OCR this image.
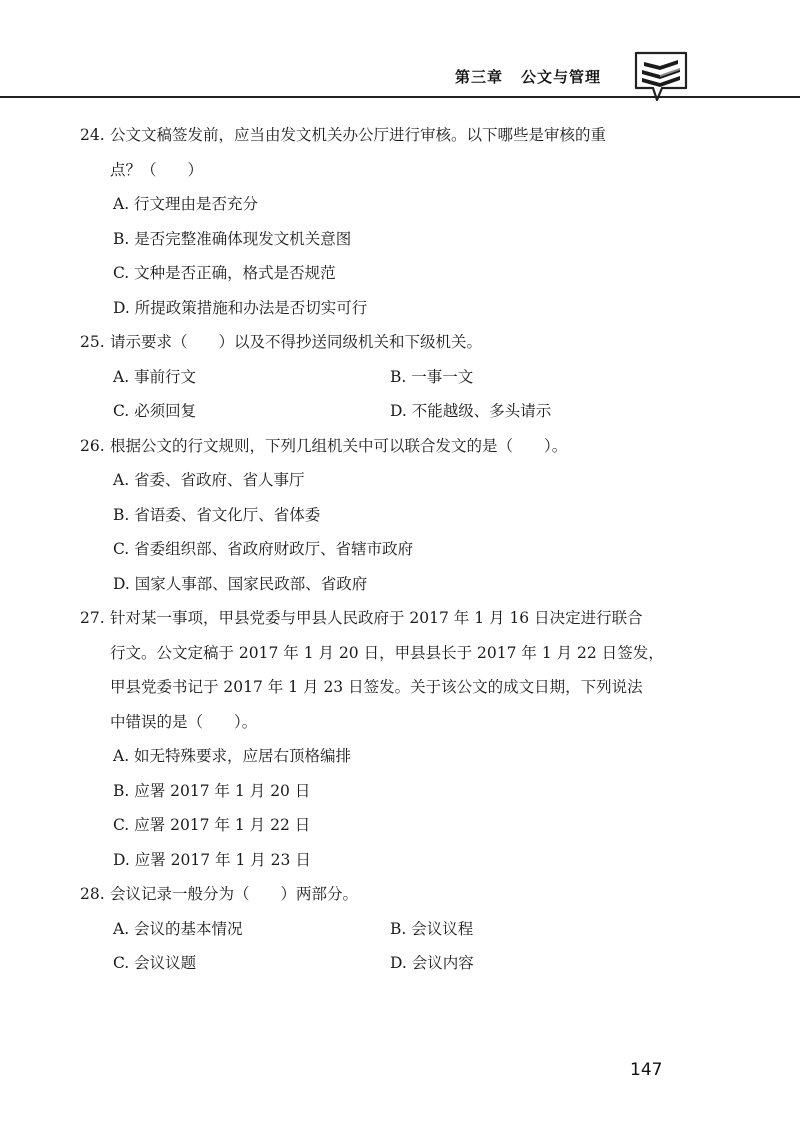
第三章 公文与管理
24. 公文文稿签发前，应当由发文机关办公厅进行审核。以下哪些是审核的重
点？（　　）
A. 行文理由是否充分
B. 是否完整准确体现发文机关意图
C. 文种是否正确，格式是否规范
D. 所提政策措施和办法是否切实可行
25. 请示要求（　　）以及不得抄送同级机关和下级机关。
A. 事前行文	B. 一事一文
C. 必须回复	D. 不能越级、多头请示
26. 根据公文的行文规则，下列几组机关中可以联合发文的是（　　）。
A. 省委、省政府、省人事厅
B. 省语委、省文化厅、省体委
C. 省委组织部、省政府财政厅、省辖市政府
D. 国家人事部、国家民政部、省政府
27. 针对某一事项，甲县党委与甲县人民政府于 2017 年 1 月 16 日决定进行联合
行文。公文定稿于 2017 年 1 月 20 日，甲县县长于 2017 年 1 月 22 日签发，
甲县党委书记于 2017 年 1 月 23 日签发。关于该公文的成文日期，下列说法
中错误的是（　　）。
A. 如无特殊要求，应居右顶格编排
B. 应署 2017 年 1 月 20 日
C. 应署 2017 年 1 月 22 日
D. 应署 2017 年 1 月 23 日
28. 会议记录一般分为（　　）两部分。
A. 会议的基本情况	B. 会议议程
C. 会议议题	D. 会议内容
147
